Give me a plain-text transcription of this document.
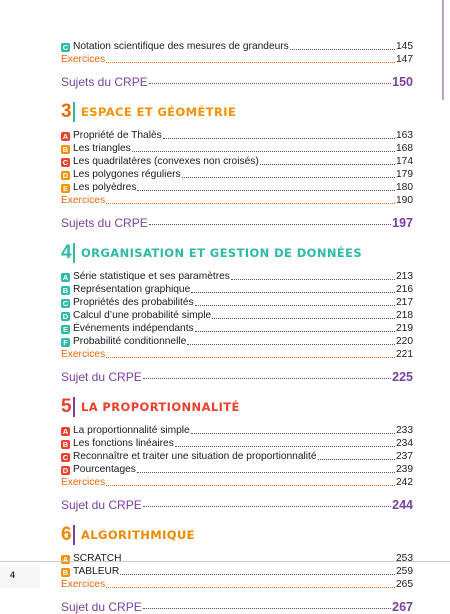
C Notation scientifique des mesures de grandeurs	145
Exercices	147
Sujets du CRPE	150
3 ESPACE ET GÉOMÉTRIE
A Propriété de Thalès	163
B Les triangles	168
C Les quadrilatères (convexes non croisés)	174
D Les polygones réguliers	179
E Les polyèdres	180
Exercices	190
Sujets du CRPE	197
4 ORGANISATION ET GESTION DE DONNÉES
A Série statistique et ses paramètres	213
B Représentation graphique	216
C Propriétés des probabilités	217
D Calcul d’une probabilité simple	218
E Événements indépendants	219
F Probabilité conditionnelle	220
Exercices	221
Sujet du CRPE	225
5 LA PROPORTIONNALITÉ
A La proportionnalité simple	233
B Les fonctions linéaires	234
C Reconnaître et traiter une situation de proportionnalité	237
D Pourcentages	239
Exercices	242
Sujet du CRPE	244
6 ALGORITHMIQUE
A SCRATCH	253
B TABLEUR	259
Exercices	265
Sujet du CRPE	267
4
